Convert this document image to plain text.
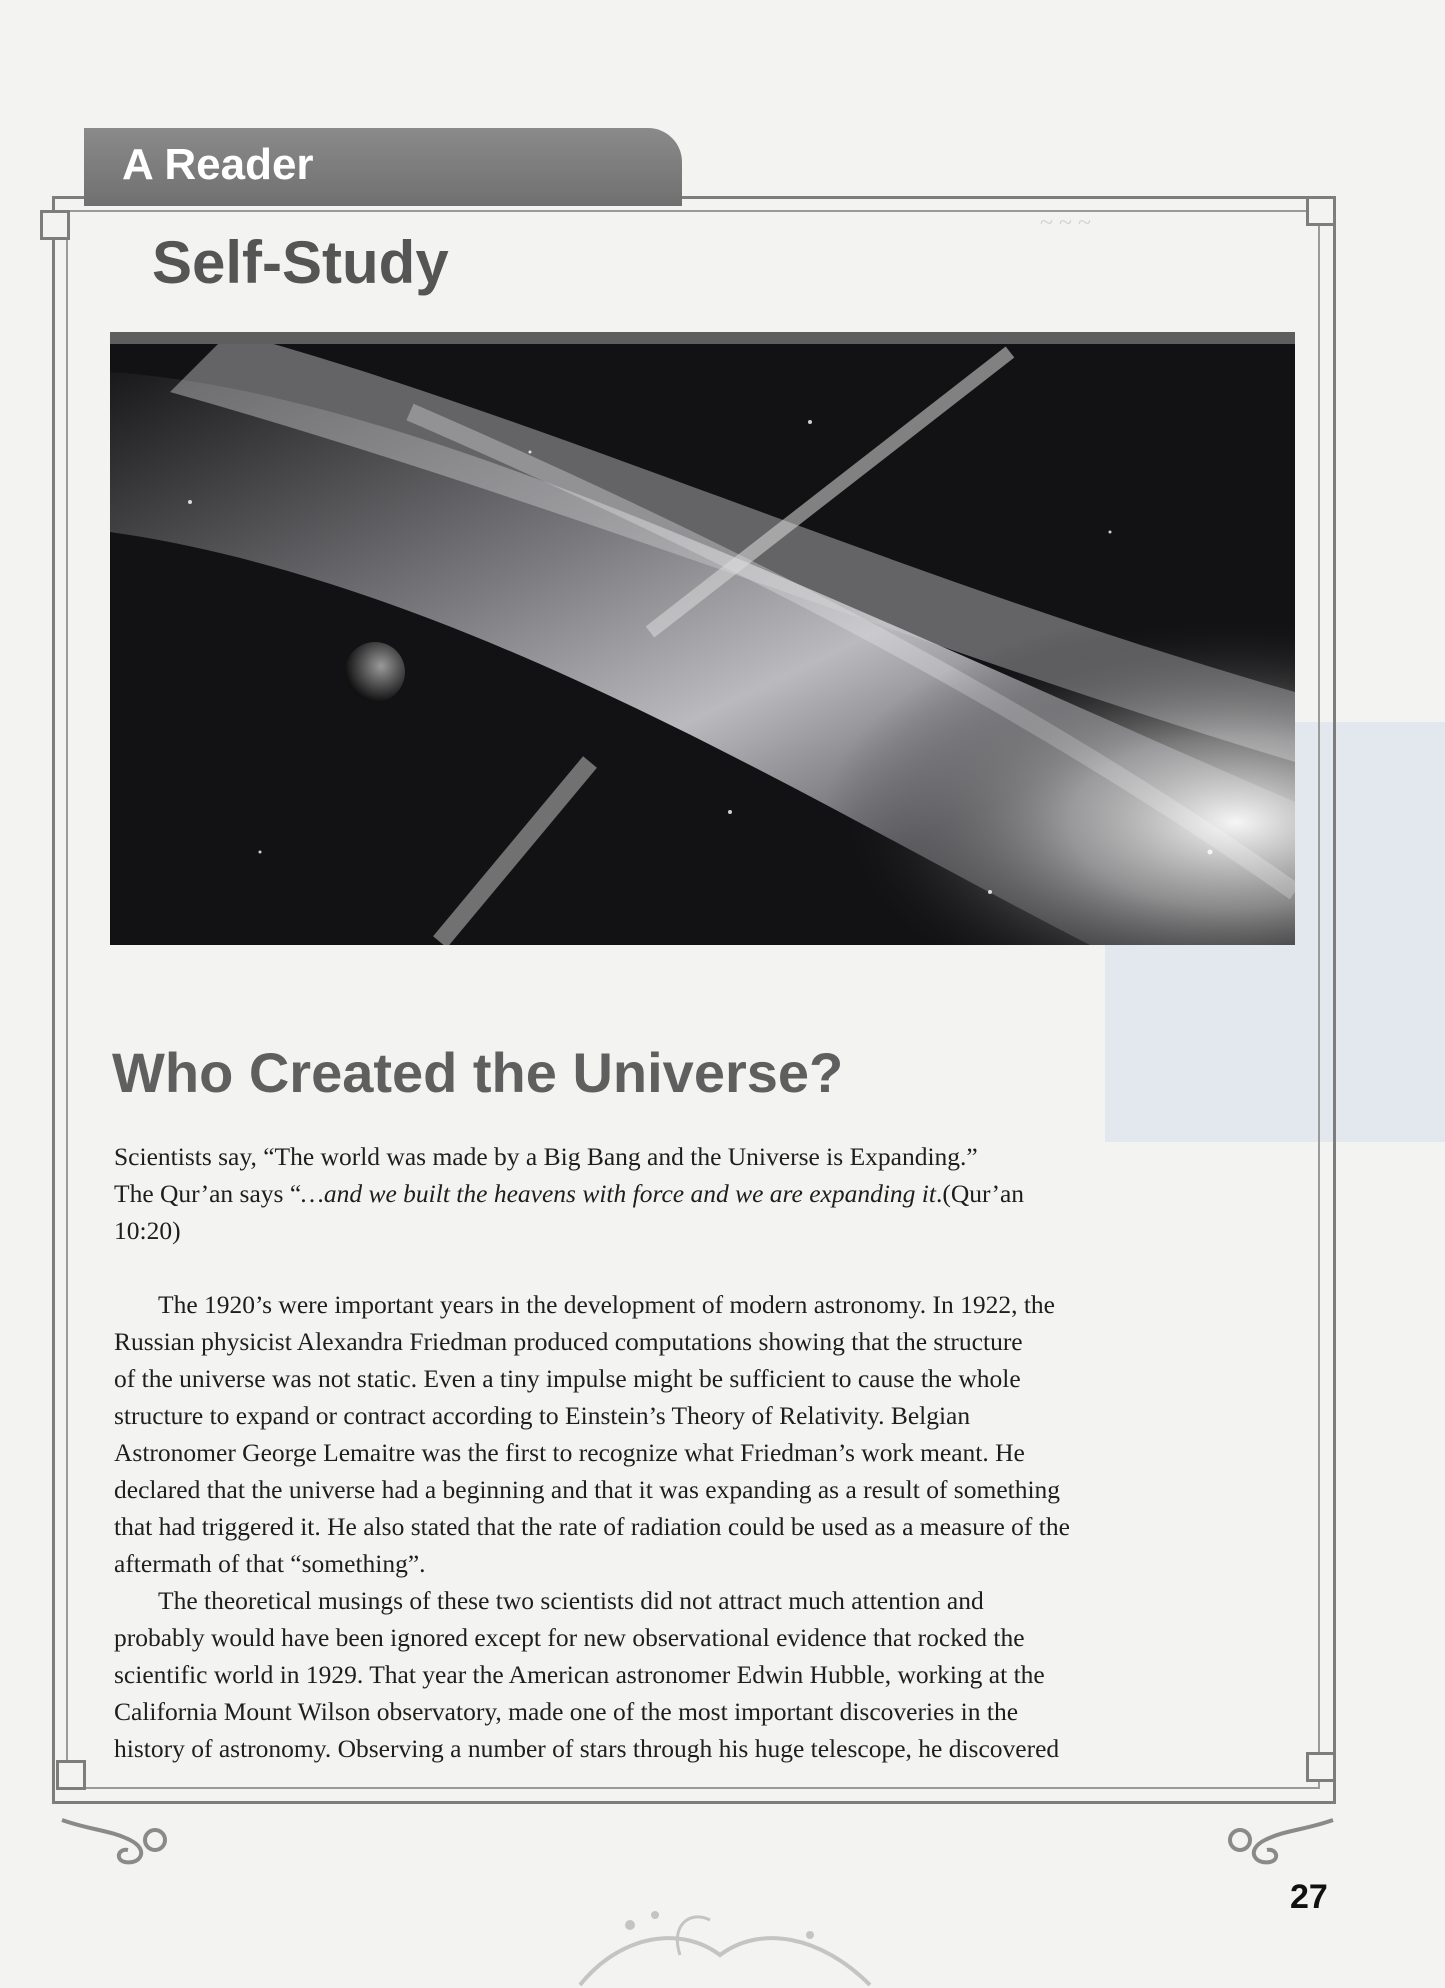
~ ~ ~
A Reader
Self-Study
Who Created the Universe?
Scientists say, “The world was made by a Big Bang and the Universe is Expanding.”
The Qur’an says “…and we built the heavens with force and we are expanding it.(Qur’an
10:20)
The 1920’s were important years in the development of modern astronomy. In 1922, the
Russian physicist Alexandra Friedman produced computations showing that the structure
of the universe was not static. Even a tiny impulse might be sufficient to cause the whole
structure to expand or contract according to Einstein’s Theory of Relativity. Belgian
Astronomer George Lemaitre was the first to recognize what Friedman’s work meant. He
declared that the universe had a beginning and that it was expanding as a result of something
that had triggered it. He also stated that the rate of radiation could be used as a measure of the
aftermath of that “something”.
The theoretical musings of these two scientists did not attract much attention and
probably would have been ignored except for new observational evidence that rocked the
scientific world in 1929. That year the American astronomer Edwin Hubble, working at the
California Mount Wilson observatory, made one of the most important discoveries in the
history of astronomy. Observing a number of stars through his huge telescope, he discovered
27
